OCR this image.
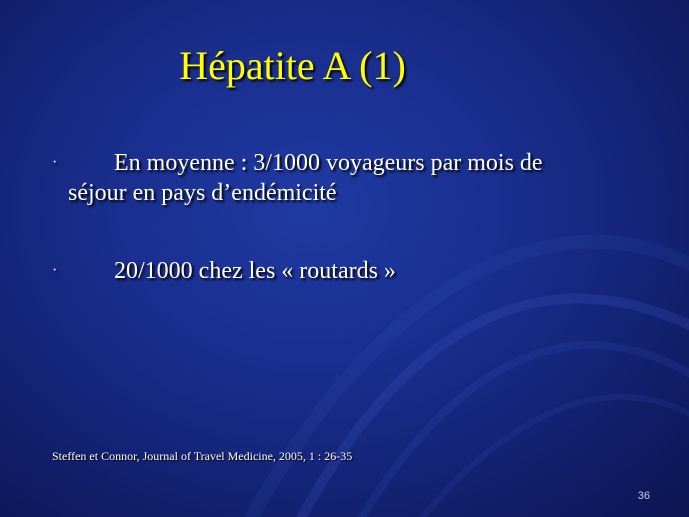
Hépatite A (1)
·	En moyenne : 3/1000 voyageurs par mois de
séjour en pays d’endémicité
·	20/1000 chez les « routards »
Steffen et Connor, Journal of Travel Medicine, 2005, 1 : 26-35
36
